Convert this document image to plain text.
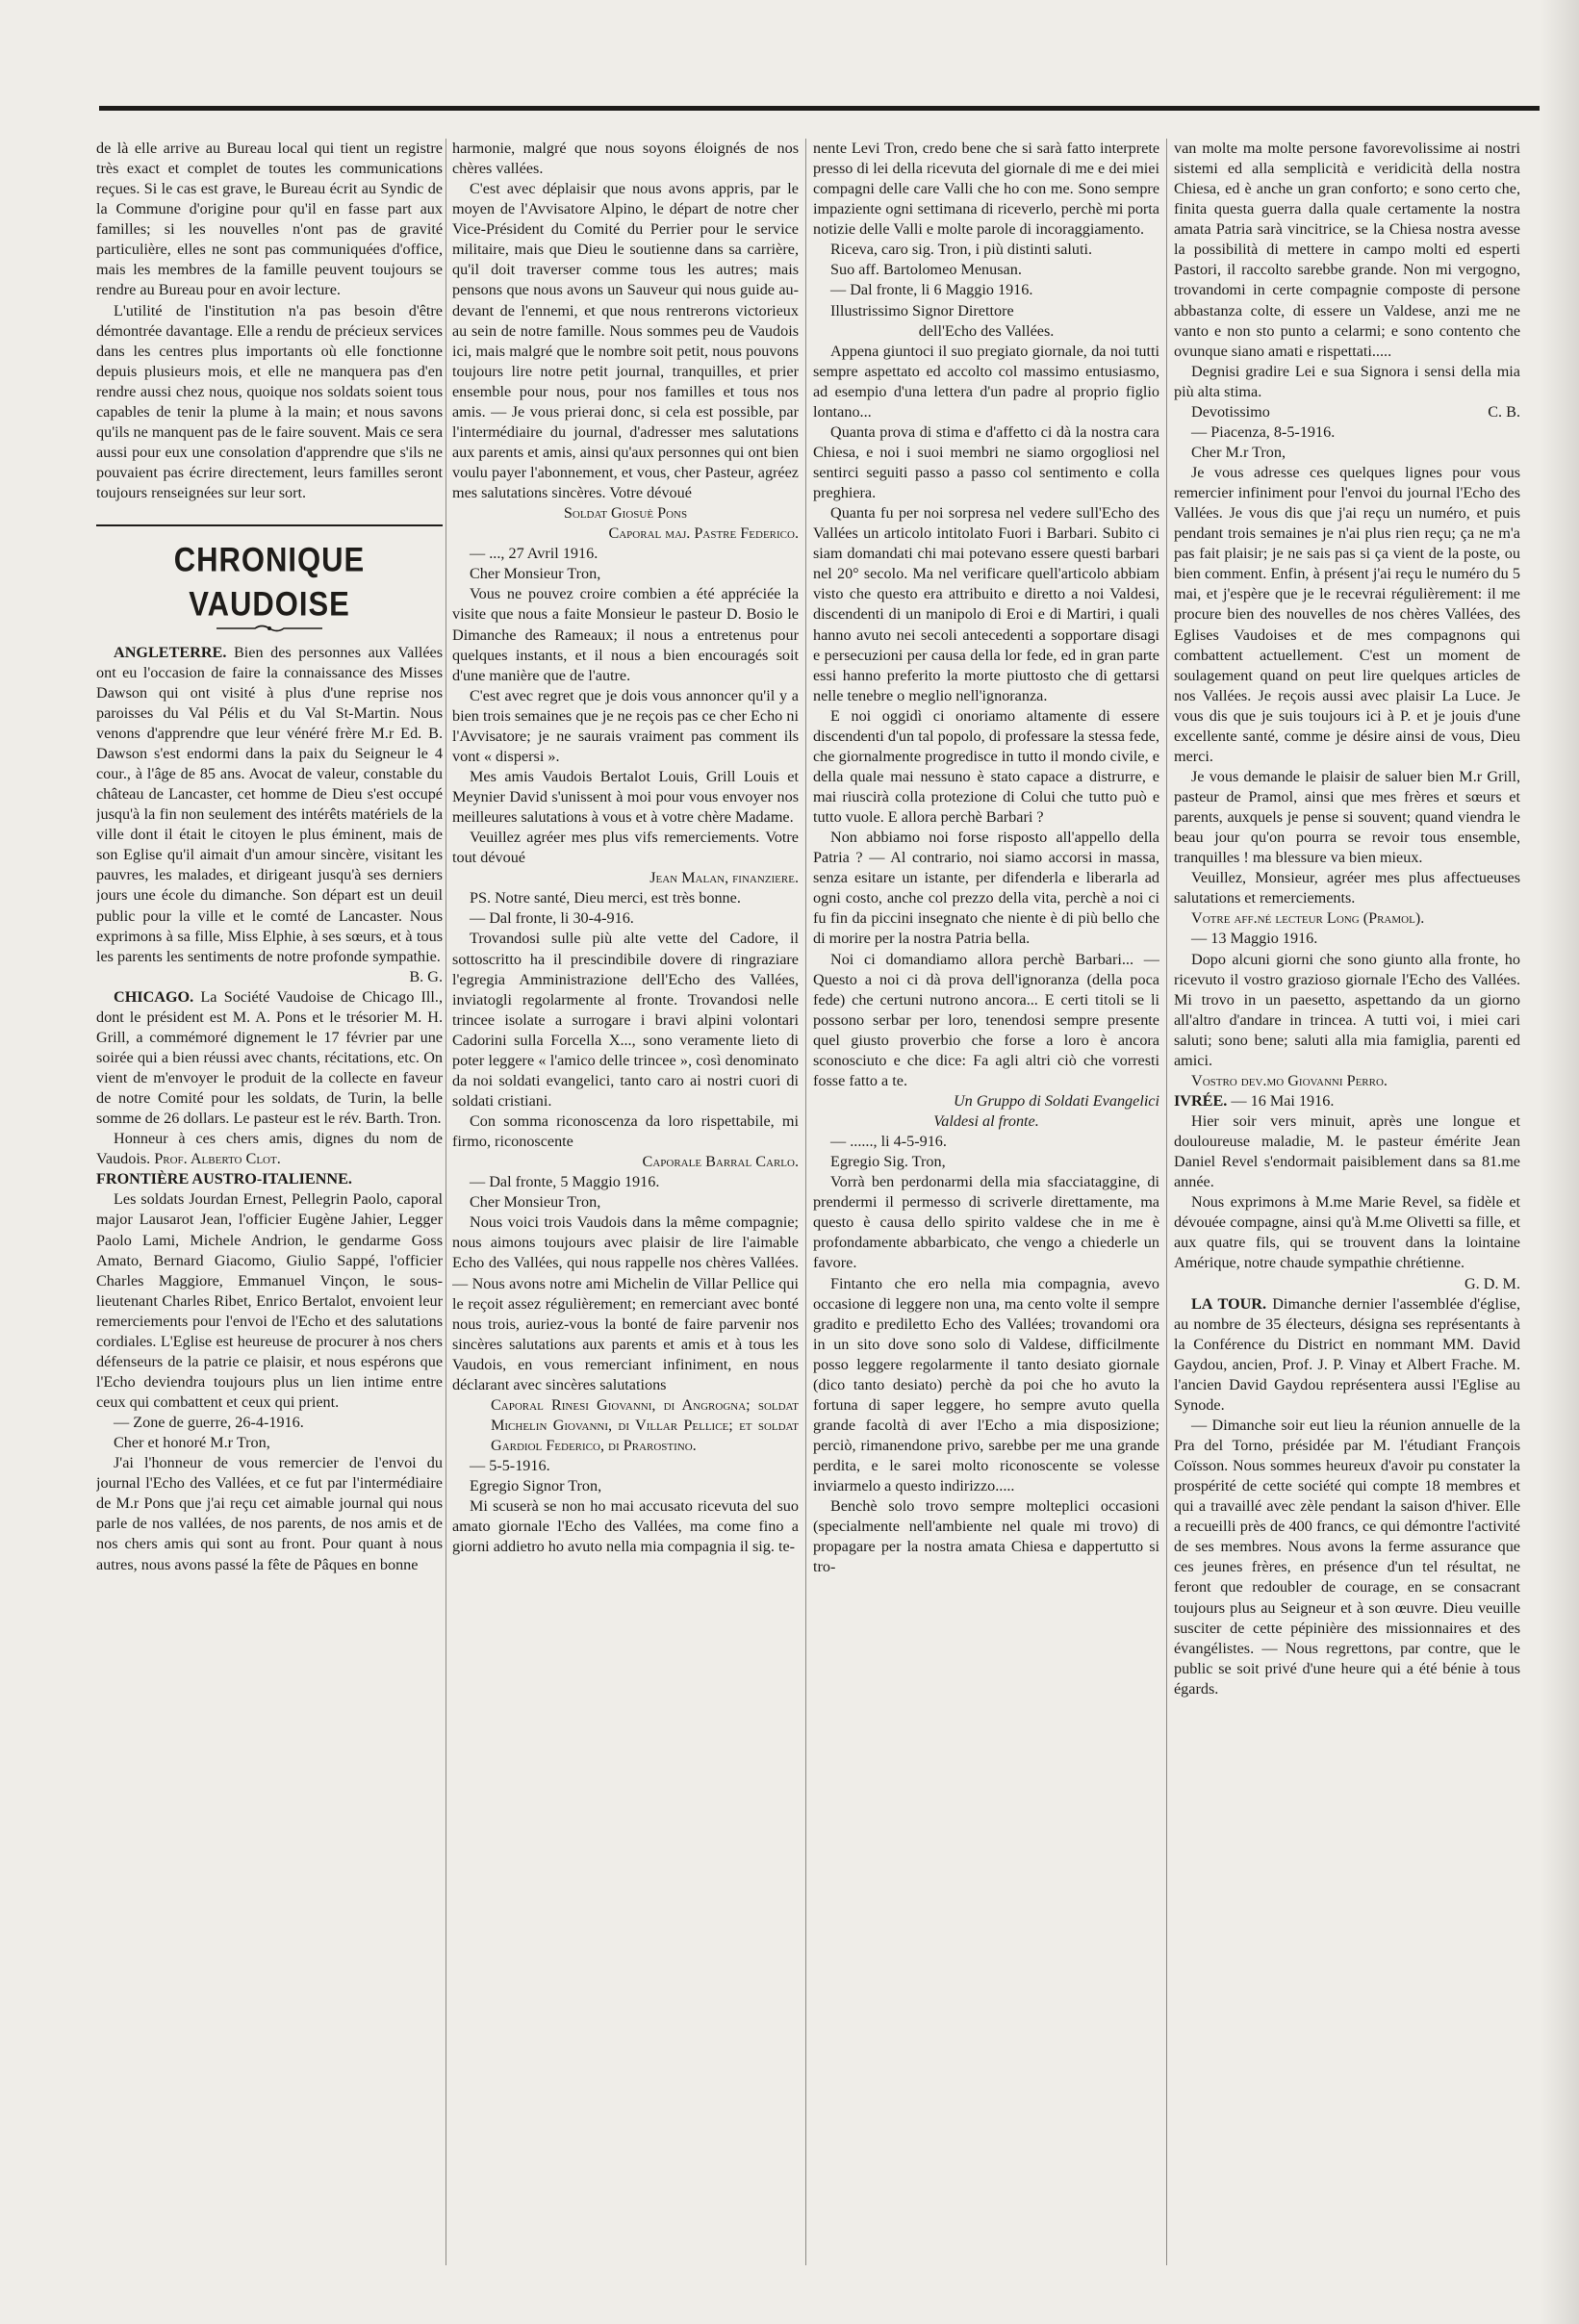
de là elle arrive au Bureau local qui tient un registre très exact et complet de toutes les communications reçues. Si le cas est grave, le Bureau écrit au Syndic de la Commune d'origine pour qu'il en fasse part aux familles; si les nouvelles n'ont pas de gravité particulière, elles ne sont pas communiquées d'office, mais les membres de la famille peuvent toujours se rendre au Bureau pour en avoir lecture.

L'utilité de l'institution n'a pas besoin d'être démontrée davantage. Elle a rendu de précieux services dans les centres plus importants où elle fonctionne depuis plusieurs mois, et elle ne manquera pas d'en rendre aussi chez nous, quoique nos soldats soient tous capables de tenir la plume à la main; et nous savons qu'ils ne manquent pas de le faire souvent. Mais ce sera aussi pour eux une consolation d'apprendre que s'ils ne pouvaient pas écrire directement, leurs familles seront toujours renseignées sur leur sort.

CHRONIQUE VAUDOISE

ANGLETERRE. Bien des personnes aux Vallées ont eu l'occasion de faire la connaissance des Misses Dawson qui ont visité à plus d'une reprise nos paroisses du Val Pélis et du Val St-Martin. Nous venons d'apprendre que leur vénéré frère M.r Ed. B. Dawson s'est endormi dans la paix du Seigneur le 4 cour., à l'âge de 85 ans. Avocat de valeur, constable du château de Lancaster, cet homme de Dieu s'est occupé jusqu'à la fin non seulement des intérêts matériels de la ville dont il était le citoyen le plus éminent, mais de son Eglise qu'il aimait d'un amour sincère, visitant les pauvres, les malades, et dirigeant jusqu'à ses derniers jours une école du dimanche. Son départ est un deuil public pour la ville et le comté de Lancaster. Nous exprimons à sa fille, Miss Elphie, à ses sœurs, et à tous les parents les sentiments de notre profonde sympathie.

B. G.

CHICAGO. La Société Vaudoise de Chicago Ill., dont le président est M. A. Pons et le trésorier M. H. Grill, a commémoré dignement le 17 février par une soirée qui a bien réussi avec chants, récitations, etc. On vient de m'envoyer le produit de la collecte en faveur de notre Comité pour les soldats, de Turin, la belle somme de 26 dollars. Le pasteur est le rév. Barth. Tron.

Honneur à ces chers amis, dignes du nom de Vaudois. Prof. Alberto Clot.

FRONTIÈRE AUSTRO-ITALIENNE.

Les soldats Jourdan Ernest, Pellegrin Paolo, caporal major Lausarot Jean, l'officier Eugène Jahier, Legger Paolo Lami, Michele Andrion, le gendarme Goss Amato, Bernard Giacomo, Giulio Sappé, l'officier Charles Maggiore, Emmanuel Vinçon, le sous-lieutenant Charles Ribet, Enrico Bertalot, envoient leur remerciements pour l'envoi de l'Echo et des salutations cordiales. L'Eglise est heureuse de procurer à nos chers défenseurs de la patrie ce plaisir, et nous espérons que l'Echo deviendra toujours plus un lien intime entre ceux qui combattent et ceux qui prient.

— Zone de guerre, 26-4-1916.

Cher et honoré M.r Tron,

J'ai l'honneur de vous remercier de l'envoi du journal l'Echo des Vallées, et ce fut par l'intermédiaire de M.r Pons que j'ai reçu cet aimable journal qui nous parle de nos vallées, de nos parents, de nos amis et de nos chers amis qui sont au front. Pour quant à nous autres, nous avons passé la fête de Pâques en bonne

harmonie, malgré que nous soyons éloignés de nos chères vallées.

C'est avec déplaisir que nous avons appris, par le moyen de l'Avvisatore Alpino, le départ de notre cher Vice-Président du Comité du Perrier pour le service militaire, mais que Dieu le soutienne dans sa carrière, qu'il doit traverser comme tous les autres; mais pensons que nous avons un Sauveur qui nous guide au-devant de l'ennemi, et que nous rentrerons victorieux au sein de notre famille. Nous sommes peu de Vaudois ici, mais malgré que le nombre soit petit, nous pouvons toujours lire notre petit journal, tranquilles, et prier ensemble pour nous, pour nos familles et tous nos amis. — Je vous prierai donc, si cela est possible, par l'intermédiaire du journal, d'adresser mes salutations aux parents et amis, ainsi qu'aux personnes qui ont bien voulu payer l'abonnement, et vous, cher Pasteur, agréez mes salutations sincères. Votre dévoué

Soldat Giosuè Pons

Caporal maj. Pastre Federico.

— ..., 27 Avril 1916.

Cher Monsieur Tron,

Vous ne pouvez croire combien a été appréciée la visite que nous a faite Monsieur le pasteur D. Bosio le Dimanche des Rameaux; il nous a entretenus pour quelques instants, et il nous a bien encouragés soit d'une manière que de l'autre.

C'est avec regret que je dois vous annoncer qu'il y a bien trois semaines que je ne reçois pas ce cher Echo ni l'Avvisatore; je ne saurais vraiment pas comment ils vont « dispersi ».

Mes amis Vaudois Bertalot Louis, Grill Louis et Meynier David s'unissent à moi pour vous envoyer nos meilleures salutations à vous et à votre chère Madame.

Veuillez agréer mes plus vifs remerciements. Votre tout dévoué

Jean Malan, finanziere.

PS. Notre santé, Dieu merci, est très bonne.

— Dal fronte, li 30-4-916.

Trovandosi sulle più alte vette del Cadore, il sottoscritto ha il prescindibile dovere di ringraziare l'egregia Amministrazione dell'Echo des Vallées, inviatogli regolarmente al fronte. Trovandosi nelle trincee isolate a surrogare i bravi alpini volontari Cadorini sulla Forcella X..., sono veramente lieto di poter leggere « l'amico delle trincee », così denominato da noi soldati evangelici, tanto caro ai nostri cuori di soldati cristiani.

Con somma riconoscenza da loro rispettabile, mi firmo, riconoscente

Caporale Barral Carlo.

— Dal fronte, 5 Maggio 1916.

Cher Monsieur Tron,

Nous voici trois Vaudois dans la même compagnie; nous aimons toujours avec plaisir de lire l'aimable Echo des Vallées, qui nous rappelle nos chères Vallées. — Nous avons notre ami Michelin de Villar Pellice qui le reçoit assez régulièrement; en remerciant avec bonté nous trois, auriez-vous la bonté de faire parvenir nos sincères salutations aux parents et amis et à tous les Vaudois, en vous remerciant infiniment, en nous déclarant avec sincères salutations

Caporal Rinesi Giovanni, di Angrogna; soldat Michelin Giovanni, di Villar Pellice; et soldat Gardiol Federico, di Prarostino.

— 5-5-1916.

Egregio Signor Tron,

Mi scuserà se non ho mai accusato ricevuta del suo amato giornale l'Echo des Vallées, ma come fino a giorni addietro ho avuto nella mia compagnia il sig. te-

nente Levi Tron, credo bene che si sarà fatto interprete presso di lei della ricevuta del giornale di me e dei miei compagni delle care Valli che ho con me. Sono sempre impaziente ogni settimana di riceverlo, perchè mi porta notizie delle Valli e molte parole di incoraggiamento.

Riceva, caro sig. Tron, i più distinti saluti.

Suo aff. Bartolomeo Menusan.

— Dal fronte, li 6 Maggio 1916.

Illustrissimo Signor Direttore

dell'Echo des Vallées.

Appena giuntoci il suo pregiato giornale, da noi tutti sempre aspettato ed accolto col massimo entusiasmo, ad esempio d'una lettera d'un padre al proprio figlio lontano...

Quanta prova di stima e d'affetto ci dà la nostra cara Chiesa, e noi i suoi membri ne siamo orgogliosi nel sentirci seguiti passo a passo col sentimento e colla preghiera.

Quanta fu per noi sorpresa nel vedere sull'Echo des Vallées un articolo intitolato Fuori i Barbari. Subito ci siam domandati chi mai potevano essere questi barbari nel 20° secolo. Ma nel verificare quell'articolo abbiam visto che questo era attribuito e diretto a noi Valdesi, discendenti di un manipolo di Eroi e di Martiri, i quali hanno avuto nei secoli antecedenti a sopportare disagi e persecuzioni per causa della lor fede, ed in gran parte essi hanno preferito la morte piuttosto che di gettarsi nelle tenebre o meglio nell'ignoranza.

E noi oggidì ci onoriamo altamente di essere discendenti d'un tal popolo, di professare la stessa fede, che giornalmente progredisce in tutto il mondo civile, e della quale mai nessuno è stato capace a distrurre, e mai riuscirà colla protezione di Colui che tutto può e tutto vuole. E allora perchè Barbari ?

Non abbiamo noi forse risposto all'appello della Patria ? — Al contrario, noi siamo accorsi in massa, senza esitare un istante, per difenderla e liberarla ad ogni costo, anche col prezzo della vita, perchè a noi ci fu fin da piccini insegnato che niente è di più bello che di morire per la nostra Patria bella.

Noi ci domandiamo allora perchè Barbari... — Questo a noi ci dà prova dell'ignoranza (della poca fede) che certuni nutrono ancora... E certi titoli se li possono serbar per loro, tenendosi sempre presente quel giusto proverbio che forse a loro è ancora sconosciuto e che dice: Fa agli altri ciò che vorresti fosse fatto a te.

Un Gruppo di Soldati Evangelici

Valdesi al fronte.

— ......, li 4-5-916.

Egregio Sig. Tron,

Vorrà ben perdonarmi della mia sfacciataggine, di prendermi il permesso di scriverle direttamente, ma questo è causa dello spirito valdese che in me è profondamente abbarbicato, che vengo a chiederle un favore.

Fintanto che ero nella mia compagnia, avevo occasione di leggere non una, ma cento volte il sempre gradito e prediletto Echo des Vallées; trovandomi ora in un sito dove sono solo di Valdese, difficilmente posso leggere regolarmente il tanto desiato giornale (dico tanto desiato) perchè da poi che ho avuto la fortuna di saper leggere, ho sempre avuto quella grande facoltà di aver l'Echo a mia disposizione; perciò, rimanendone privo, sarebbe per me una grande perdita, e le sarei molto riconoscente se volesse inviarmelo a questo indirizzo.....

Benchè solo trovo sempre molteplici occasioni (specialmente nell'ambiente nel quale mi trovo) di propagare per la nostra amata Chiesa e dappertutto si tro-

van molte ma molte persone favorevolissime ai nostri sistemi ed alla semplicità e veridicità della nostra Chiesa, ed è anche un gran conforto; e sono certo che, finita questa guerra dalla quale certamente la nostra amata Patria sarà vincitrice, se la Chiesa nostra avesse la possibilità di mettere in campo molti ed esperti Pastori, il raccolto sarebbe grande. Non mi vergogno, trovandomi in certe compagnie composte di persone abbastanza colte, di essere un Valdese, anzi me ne vanto e non sto punto a celarmi; e sono contento che ovunque siano amati e rispettati.....

Degnisi gradire Lei e sua Signora i sensi della mia più alta stima.

Devotissimo	C. B.

— Piacenza, 8-5-1916.

Cher M.r Tron,

Je vous adresse ces quelques lignes pour vous remercier infiniment pour l'envoi du journal l'Echo des Vallées. Je vous dis que j'ai reçu un numéro, et puis pendant trois semaines je n'ai plus rien reçu; ça ne m'a pas fait plaisir; je ne sais pas si ça vient de la poste, ou bien comment. Enfin, à présent j'ai reçu le numéro du 5 mai, et j'espère que je le recevrai régulièrement: il me procure bien des nouvelles de nos chères Vallées, des Eglises Vaudoises et de mes compagnons qui combattent actuellement. C'est un moment de soulagement quand on peut lire quelques articles de nos Vallées. Je reçois aussi avec plaisir La Luce. Je vous dis que je suis toujours ici à P. et je jouis d'une excellente santé, comme je désire ainsi de vous, Dieu merci.

Je vous demande le plaisir de saluer bien M.r Grill, pasteur de Pramol, ainsi que mes frères et sœurs et parents, auxquels je pense si souvent; quand viendra le beau jour qu'on pourra se revoir tous ensemble, tranquilles ! ma blessure va bien mieux.

Veuillez, Monsieur, agréer mes plus affectueuses salutations et remerciements.

Votre aff.né lecteur Long (Pramol).

— 13 Maggio 1916.

Dopo alcuni giorni che sono giunto alla fronte, ho ricevuto il vostro grazioso giornale l'Echo des Vallées. Mi trovo in un paesetto, aspettando da un giorno all'altro d'andare in trincea. A tutti voi, i miei cari saluti; sono bene; saluti alla mia famiglia, parenti ed amici.

Vostro dev.mo Giovanni Perro.

IVRÉE. — 16 Mai 1916.

Hier soir vers minuit, après une longue et douloureuse maladie, M. le pasteur émérite Jean Daniel Revel s'endormait paisiblement dans sa 81.me année.

Nous exprimons à M.me Marie Revel, sa fidèle et dévouée compagne, ainsi qu'à M.me Olivetti sa fille, et aux quatre fils, qui se trouvent dans la lointaine Amérique, notre chaude sympathie chrétienne.

G. D. M.

LA TOUR. Dimanche dernier l'assemblée d'église, au nombre de 35 électeurs, désigna ses représentants à la Conférence du District en nommant MM. David Gaydou, ancien, Prof. J. P. Vinay et Albert Frache. M. l'ancien David Gaydou représentera aussi l'Eglise au Synode.

— Dimanche soir eut lieu la réunion annuelle de la Pra del Torno, présidée par M. l'étudiant François Coïsson. Nous sommes heureux d'avoir pu constater la prospérité de cette société qui compte 18 membres et qui a travaillé avec zèle pendant la saison d'hiver. Elle a recueilli près de 400 francs, ce qui démontre l'activité de ses membres. Nous avons la ferme assurance que ces jeunes frères, en présence d'un tel résultat, ne feront que redoubler de courage, en se consacrant toujours plus au Seigneur et à son œuvre. Dieu veuille susciter de cette pépinière des missionnaires et des évangélistes. — Nous regrettons, par contre, que le public se soit privé d'une heure qui a été bénie à tous égards.
